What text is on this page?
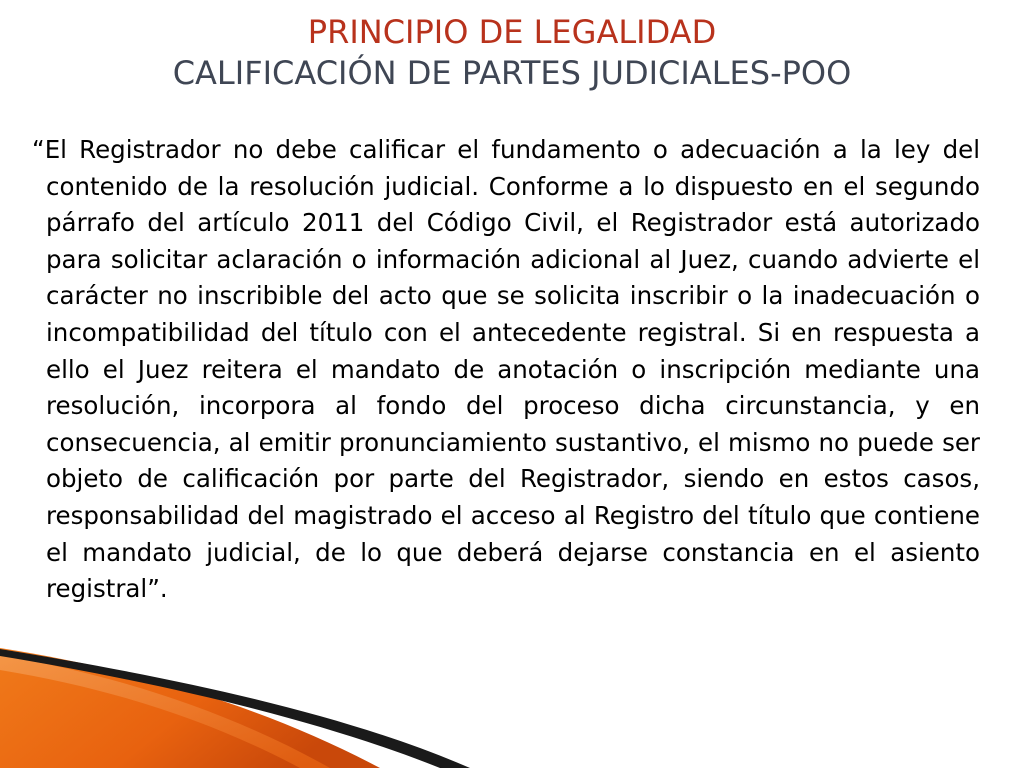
PRINCIPIO DE LEGALIDAD
CALIFICACIÓN DE PARTES JUDICIALES-POO

“El Registrador no debe calificar el fundamento o adecuación a la ley del contenido de la resolución judicial. Conforme a lo dispuesto en el segundo párrafo del artículo 2011 del Código Civil, el Registrador está autorizado para solicitar aclaración o información adicional al Juez, cuando advierte el carácter no inscribible del acto que se solicita inscribir o la inadecuación o incompatibilidad del título con el antecedente registral. Si en respuesta a ello el Juez reitera el mandato de anotación o inscripción mediante una resolución, incorpora al fondo del proceso dicha circunstancia, y en consecuencia, al emitir pronunciamiento sustantivo, el mismo no puede ser objeto de calificación por parte del Registrador, siendo en estos casos, responsabilidad del magistrado el acceso al Registro del título que contiene el mandato judicial, de lo que deberá dejarse constancia en el asiento registral”.
